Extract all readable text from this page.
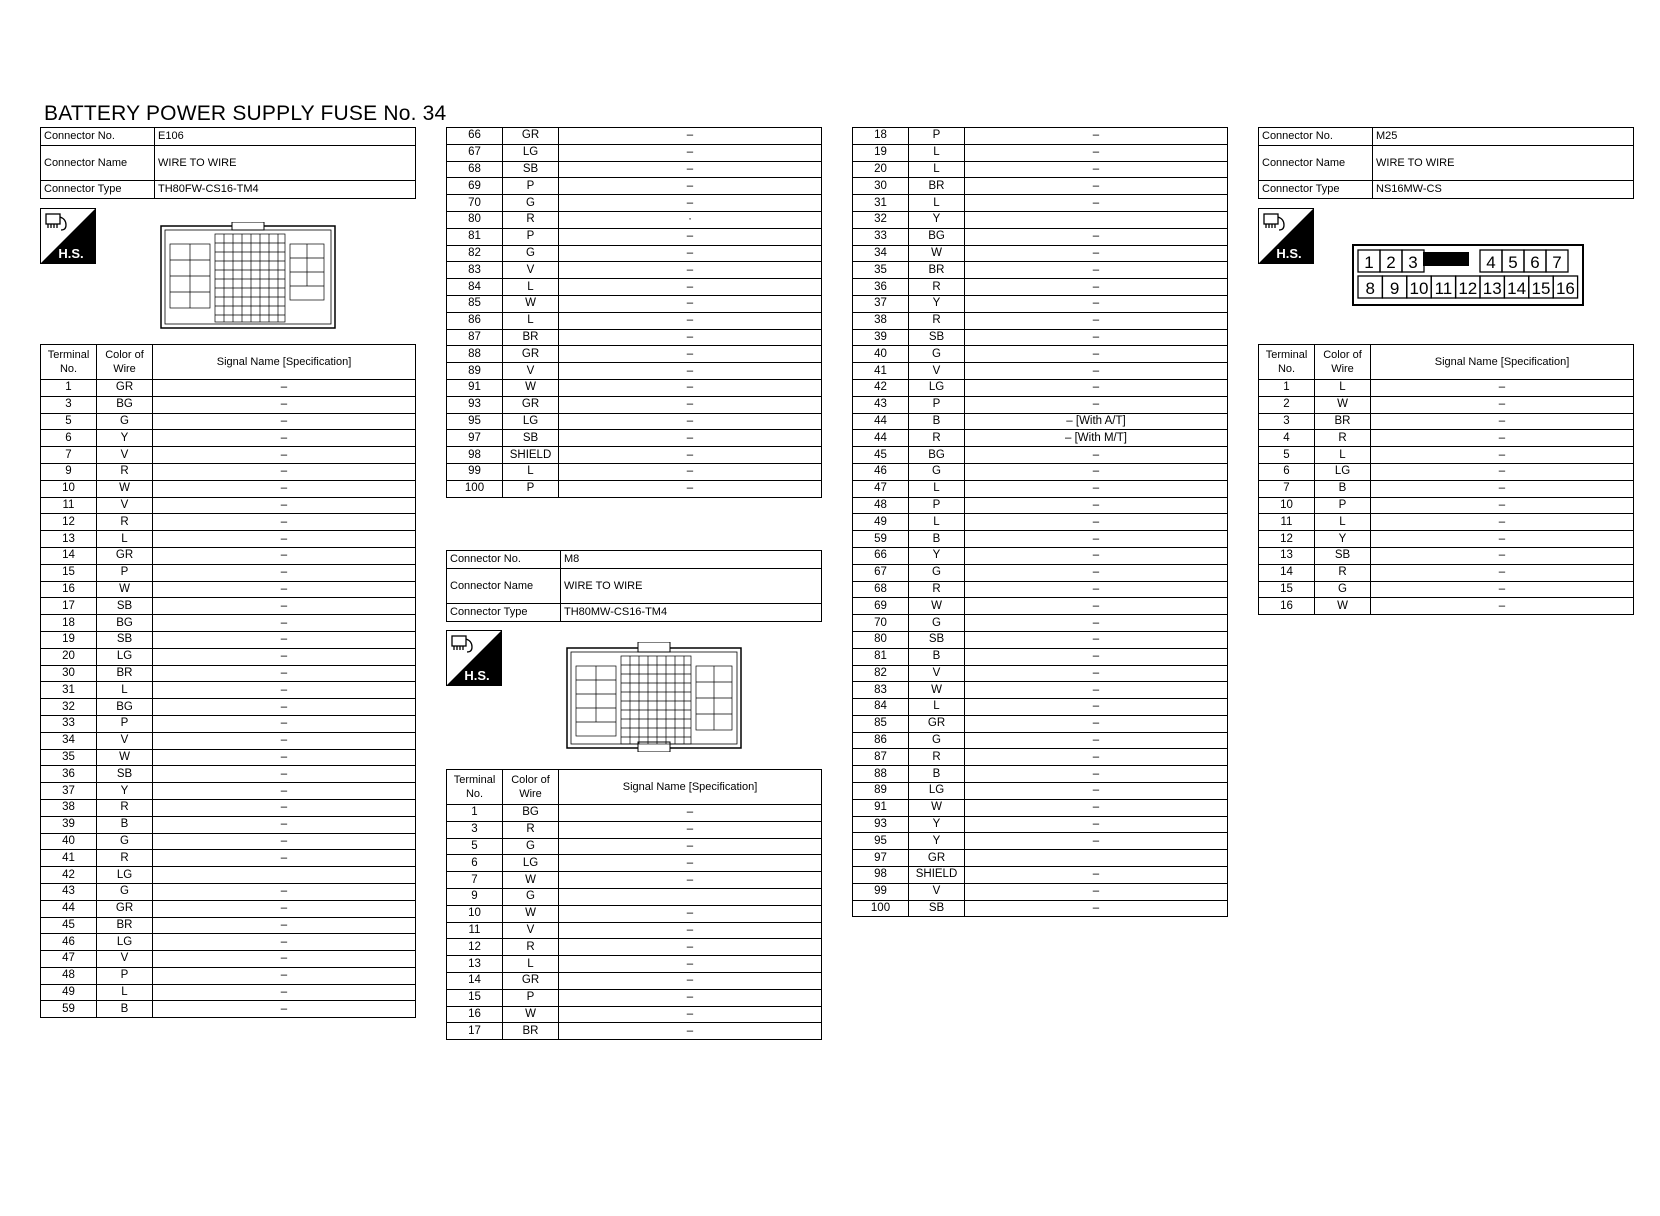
BATTERY POWER SUPPLY FUSE No. 34
Connector No.	E106
Connector Name	WIRE TO WIRE
Connector Type	TH80FW-CS16-TM4
H.S.
Terminal No.	Color of Wire	Signal Name [Specification]
1	GR	–
3	BG	–
5	G	–
6	Y	–
7	V	–
9	R	–
10	W	–
11	V	–
12	R	–
13	L	–
14	GR	–
15	P	–
16	W	–
17	SB	–
18	BG	–
19	SB	–
20	LG	–
30	BR	–
31	L	–
32	BG	–
33	P	–
34	V	–
35	W	–
36	SB	–
37	Y	–
38	R	–
39	B	–
40	G	–
41	R	–
42	LG	
43	G	–
44	GR	–
45	BR	–
46	LG	–
47	V	–
48	P	–
49	L	–
59	B	–
66	GR	–
67	LG	–
68	SB	–
69	P	–
70	G	–
80	R	·
81	P	–
82	G	–
83	V	–
84	L	–
85	W	–
86	L	–
87	BR	–
88	GR	–
89	V	–
91	W	–
93	GR	–
95	LG	–
97	SB	–
98	SHIELD	–
99	L	–
100	P	–
Connector No.	M8
Connector Name	WIRE TO WIRE
Connector Type	TH80MW-CS16-TM4
H.S.
Terminal No.	Color of Wire	Signal Name [Specification]
1	BG	–
3	R	–
5	G	–
6	LG	–
7	W	–
9	G	
10	W	–
11	V	–
12	R	–
13	L	–
14	GR	–
15	P	–
16	W	–
17	BR	–
18	P	–
19	L	–
20	L	–
30	BR	–
31	L	–
32	Y	
33	BG	–
34	W	–
35	BR	–
36	R	–
37	Y	–
38	R	–
39	SB	–
40	G	–
41	V	–
42	LG	–
43	P	–
44	B	– [With A/T]
44	R	– [With M/T]
45	BG	–
46	G	–
47	L	–
48	P	–
49	L	–
59	B	–
66	Y	–
67	G	–
68	R	–
69	W	–
70	G	–
80	SB	–
81	B	–
82	V	–
83	W	–
84	L	–
85	GR	–
86	G	–
87	R	–
88	B	–
89	LG	–
91	W	–
93	Y	–
95	Y	–
97	GR	
98	SHIELD	–
99	V	–
100	SB	–
Connector No.	M25
Connector Name	WIRE TO WIRE
Connector Type	NS16MW-CS
H.S.	1 2 3	4 5 6 7
8 9 10 11 12 13 14 15 16
Terminal No.	Color of Wire	Signal Name [Specification]
1	L	–
2	W	–
3	BR	–
4	R	–
5	L	–
6	LG	–
7	B	–
10	P	–
11	L	–
12	Y	–
13	SB	–
14	R	–
15	G	–
16	W	–
